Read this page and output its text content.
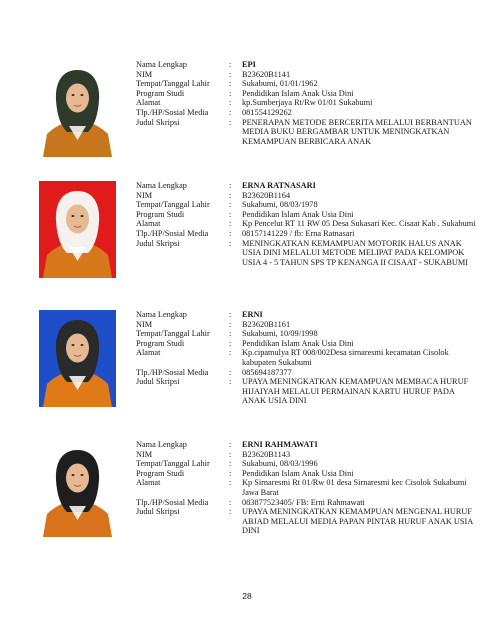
Nama Lengkap	:	EPI
NIM	:	B23620B1141
Tempat/Tanggal Lahir	:	Sukabumi, 01/01/1962
Program Studi	:	Pendidikan Islam Anak Usia Dini
Alamat	:	kp.Sumberjaya Rt/Rw 01/01 Sukabumi
Tlp./HP/Sosial Media	:	081554129262
Judul Skripsi	:	PENERAPAN METODE BERCERITA MELALUI BERBANTUAN MEDIA BUKU BERGAMBAR UNTUK MENINGKATKAN KEMAMPUAN BERBICARA ANAK
Nama Lengkap	:	ERNA RATNASARI
NIM	:	B23620B1164
Tempat/Tanggal Lahir	:	Sukabumi, 08/03/1978
Program Studi	:	Pendidikan Islam Anak Usia Dini
Alamat	:	Kp Pencelut RT 11 RW 05 Desa Sukasari Kec. Cisaat Kab . Sukabumi
Tlp./HP/Sosial Media	:	08157141229 / fb: Erna Ratnasari
Judul Skripsi	:	MENINGKATKAN KEMAMPUAN MOTORIK HALUS ANAK USIA DINI MELALUI METODE MELIPAT PADA KELOMPOK USIA 4 - 5 TAHUN SPS TP KENANGA II CISAAT - SUKABUMI
Nama Lengkap	:	ERNI
NIM	:	B23620B1161
Tempat/Tanggal Lahir	:	Sukabumi, 10/09/1998
Program Studi	:	Pendidikan Islam Anak Usia Dini
Alamat	:	Kp.cipamulya RT 008/002Desa sirnaresmi kecamatan Cisolok kabupaten Sukabumi
Tlp./HP/Sosial Media	:	085694187377
Judul Skripsi	:	UPAYA MENINGKATKAN KEMAMPUAN MEMBACA HURUF HIJAIYAH MELALUI PERMAINAN KARTU HURUF PADA ANAK USIA DINI
Nama Lengkap	:	ERNI RAHMAWATI
NIM	:	B23620B1143
Tempat/Tanggal Lahir	:	Sukabumi, 08/03/1996
Program Studi	:	Pendidikan Islam Anak Usia Dini
Alamat	:	Kp Sirnaresmi Rt 01/Rw 01 desa Sirnaresmi kec Cisolok Sukabumi Jawa Barat
Tlp./HP/Sosial Media	:	083877523405/ FB: Erni Rahmawati
Judul Skripsi	:	UPAYA MENINGKATKAN KEMAMPUAN MENGENAL HURUF ABJAD MELALUI MEDIA PAPAN PINTAR HURUF ANAK USIA DINI
28
